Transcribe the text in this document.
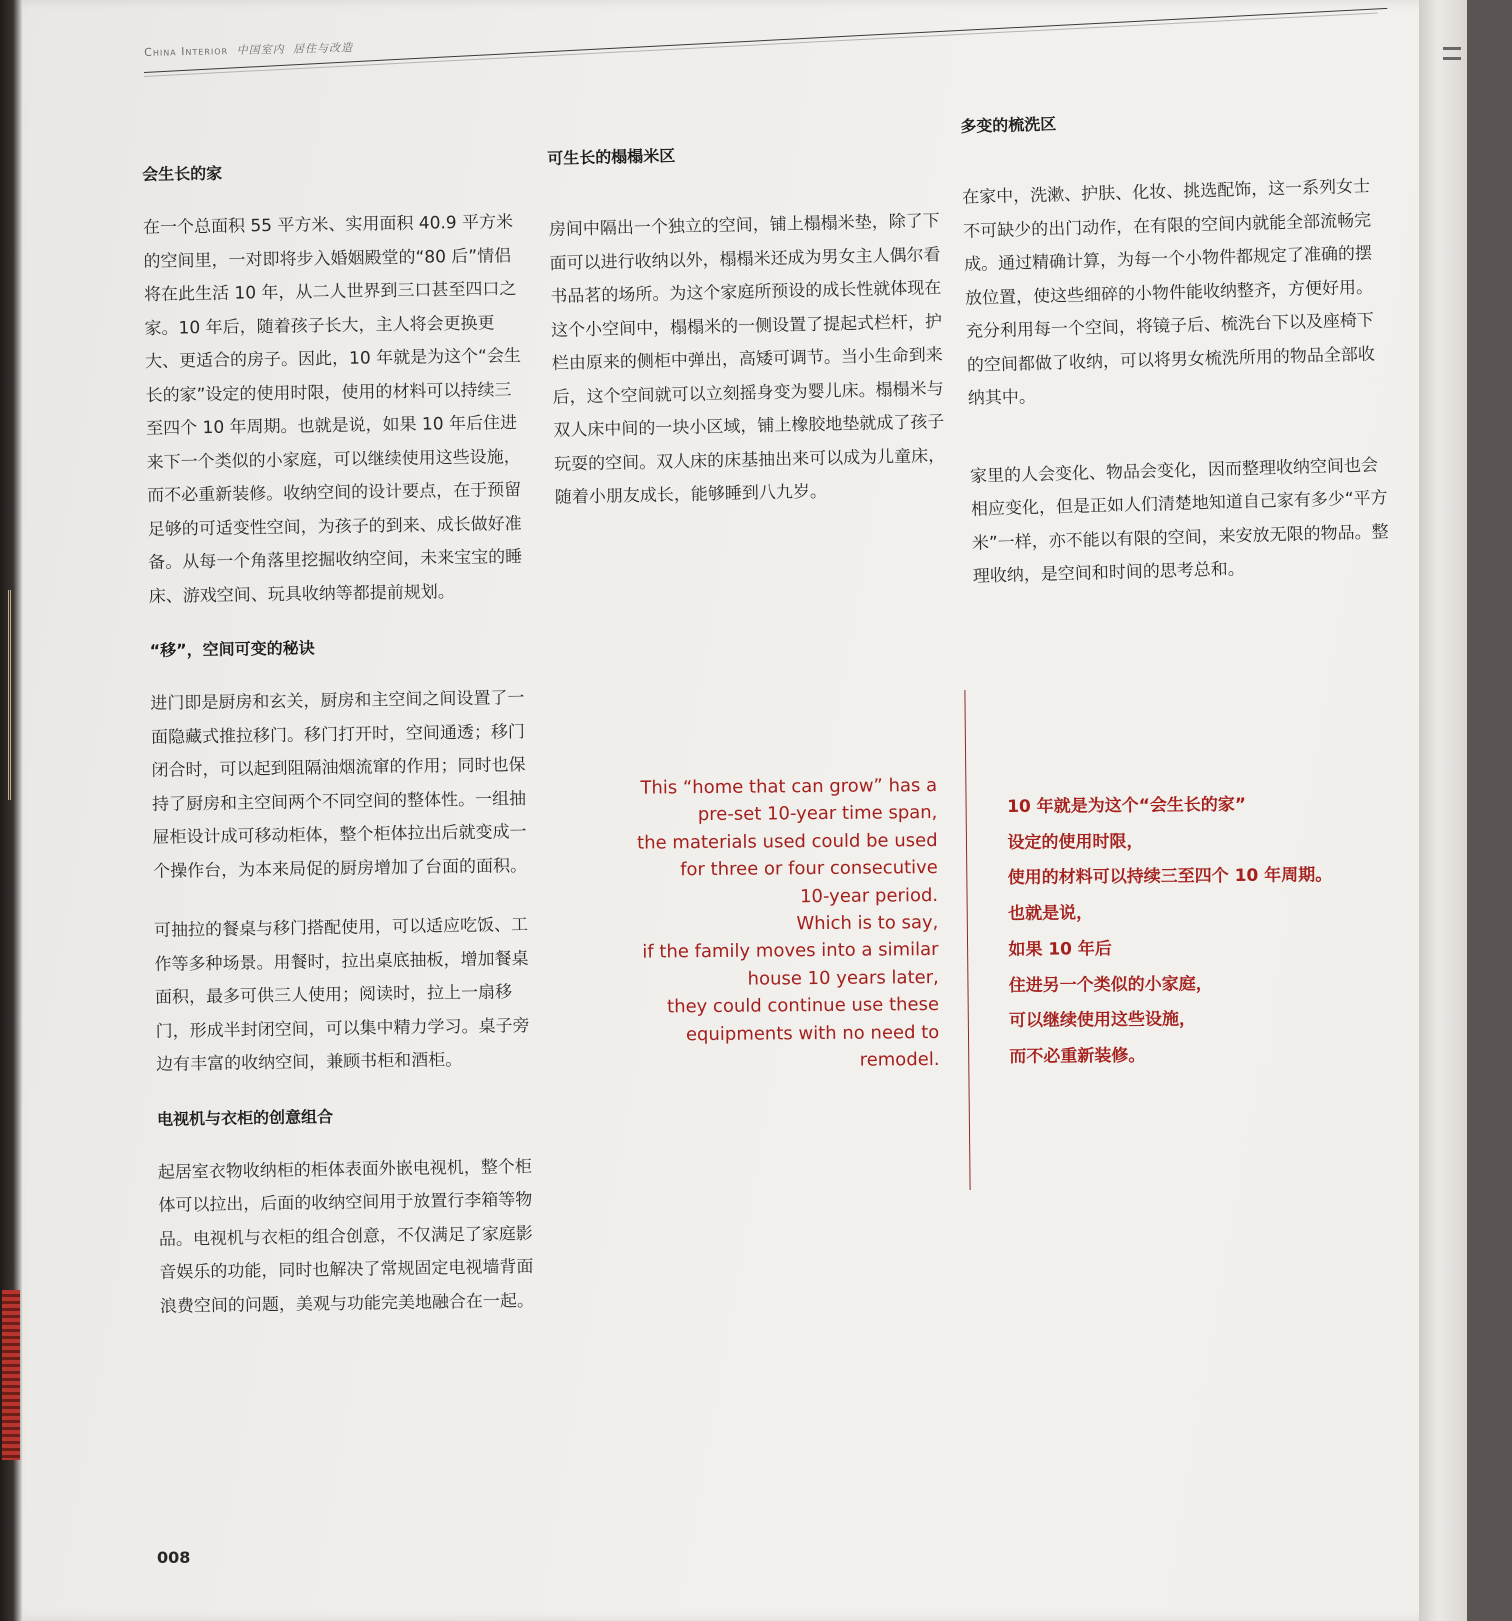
China Interior 中国室内 居住与改造
会生长的家

在一个总面积 55 平方米、实用面积 40.9 平方米的空间里，一对即将步入婚姻殿堂的“80 后”情侣将在此生活 10 年，从二人世界到三口甚至四口之家。10 年后，随着孩子长大，主人将会更换更大、更适合的房子。因此，10 年就是为这个“会生长的家”设定的使用时限，使用的材料可以持续三至四个 10 年周期。也就是说，如果 10 年后住进来下一个类似的小家庭，可以继续使用这些设施，而不必重新装修。收纳空间的设计要点，在于预留足够的可适变性空间，为孩子的到来、成长做好准备。从每一个角落里挖掘收纳空间，未来宝宝的睡床、游戏空间、玩具收纳等都提前规划。

“移”，空间可变的秘诀

进门即是厨房和玄关，厨房和主空间之间设置了一面隐藏式推拉移门。移门打开时，空间通透；移门闭合时，可以起到阻隔油烟流窜的作用；同时也保持了厨房和主空间两个不同空间的整体性。一组抽屉柜设计成可移动柜体，整个柜体拉出后就变成一个操作台，为本来局促的厨房增加了台面的面积。

可抽拉的餐桌与移门搭配使用，可以适应吃饭、工作等多种场景。用餐时，拉出桌底抽板，增加餐桌面积，最多可供三人使用；阅读时，拉上一扇移门，形成半封闭空间，可以集中精力学习。桌子旁边有丰富的收纳空间，兼顾书柜和酒柜。

电视机与衣柜的创意组合

起居室衣物收纳柜的柜体表面外嵌电视机，整个柜体可以拉出，后面的收纳空间用于放置行李箱等物品。电视机与衣柜的组合创意，不仅满足了家庭影音娱乐的功能，同时也解决了常规固定电视墙背面浪费空间的问题，美观与功能完美地融合在一起。

可生长的榻榻米区

房间中隔出一个独立的空间，铺上榻榻米垫，除了下面可以进行收纳以外，榻榻米还成为男女主人偶尔看书品茗的场所。为这个家庭所预设的成长性就体现在这个小空间中，榻榻米的一侧设置了提起式栏杆，护栏由原来的侧柜中弹出，高矮可调节。当小生命到来后，这个空间就可以立刻摇身变为婴儿床。榻榻米与双人床中间的一块小区域，铺上橡胶地垫就成了孩子玩耍的空间。双人床的床基抽出来可以成为儿童床，随着小朋友成长，能够睡到八九岁。

多变的梳洗区

在家中，洗漱、护肤、化妆、挑选配饰，这一系列女士不可缺少的出门动作，在有限的空间内就能全部流畅完成。通过精确计算，为每一个小物件都规定了准确的摆放位置，使这些细碎的小物件能收纳整齐，方便好用。充分利用每一个空间，将镜子后、梳洗台下以及座椅下的空间都做了收纳，可以将男女梳洗所用的物品全部收纳其中。

家里的人会变化、物品会变化，因而整理收纳空间也会相应变化，但是正如人们清楚地知道自己家有多少“平方米”一样，亦不能以有限的空间，来安放无限的物品。整理收纳，是空间和时间的思考总和。

This “home that can grow” has a
pre-set 10-year time span,
the materials used could be used
for three or four consecutive
10-year period.
Which is to say,
if the family moves into a similar
house 10 years later,
they could continue use these
equipments with no need to
remodel.
10 年就是为这个“会生长的家”
设定的使用时限，
使用的材料可以持续三至四个 10 年周期。
也就是说，
如果 10 年后
住进另一个类似的小家庭，
可以继续使用这些设施，
而不必重新装修。
008
